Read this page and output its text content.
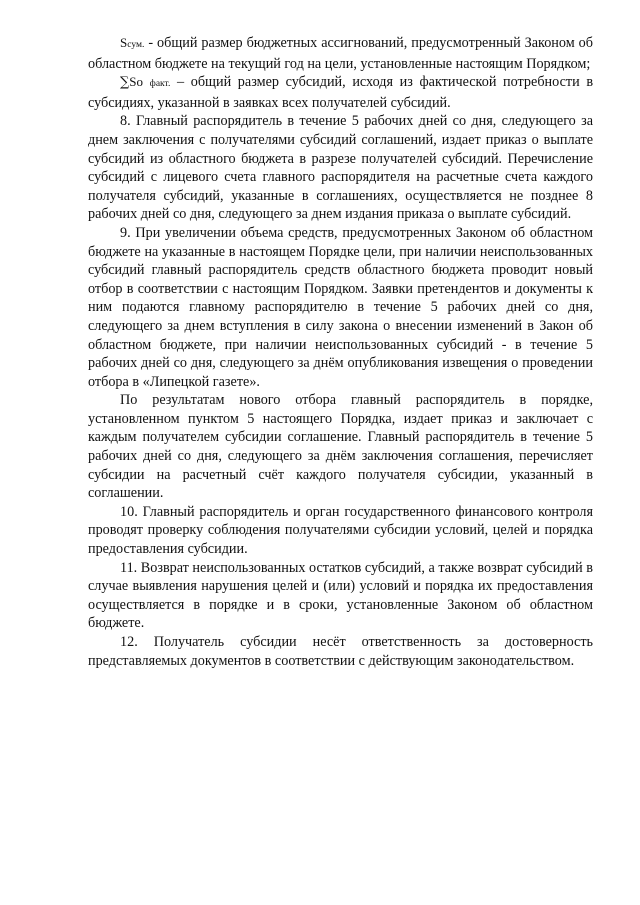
Sсум. - общий размер бюджетных ассигнований, предусмотренный Законом об областном бюджете на текущий год на цели, установленные настоящим Порядком;

∑So факт. – общий размер субсидий, исходя из фактической потребности в субсидиях, указанной в заявках всех получателей субсидий.

8. Главный распорядитель в течение 5 рабочих дней со дня, следующего за днем заключения с получателями субсидий соглашений, издает приказ о выплате субсидий из областного бюджета в разрезе получателей субсидий. Перечисление субсидий с лицевого счета главного распорядителя на расчетные счета каждого получателя субсидий, указанные в соглашениях, осуществляется не позднее 8 рабочих дней со дня, следующего за днем издания приказа о выплате субсидий.

9. При увеличении объема средств, предусмотренных Законом об областном бюджете на указанные в настоящем Порядке цели, при наличии неиспользованных субсидий главный распорядитель средств областного бюджета проводит новый отбор в соответствии с настоящим Порядком. Заявки претендентов и документы к ним подаются главному распорядителю в течение 5 рабочих дней со дня, следующего за днем вступления в силу закона о внесении изменений в Закон об областном бюджете, при наличии неиспользованных субсидий - в течение 5 рабочих дней со дня, следующего за днём опубликования извещения о проведении отбора в «Липецкой газете».

По результатам нового отбора главный распорядитель в порядке, установленном пунктом 5 настоящего Порядка, издает приказ и заключает с каждым получателем субсидии соглашение. Главный распорядитель в течение 5 рабочих дней со дня, следующего за днём заключения соглашения, перечисляет субсидии на расчетный счёт каждого получателя субсидии, указанный в соглашении.

10. Главный распорядитель и орган государственного финансового контроля проводят проверку соблюдения получателями субсидии условий, целей и порядка предоставления субсидии.

11. Возврат неиспользованных остатков субсидий, а также возврат субсидий в случае выявления нарушения целей и (или) условий и порядка их предоставления осуществляется в порядке и в сроки, установленные Законом об областном бюджете.

12. Получатель субсидии несёт ответственность за достоверность представляемых документов в соответствии с действующим законодательством.
